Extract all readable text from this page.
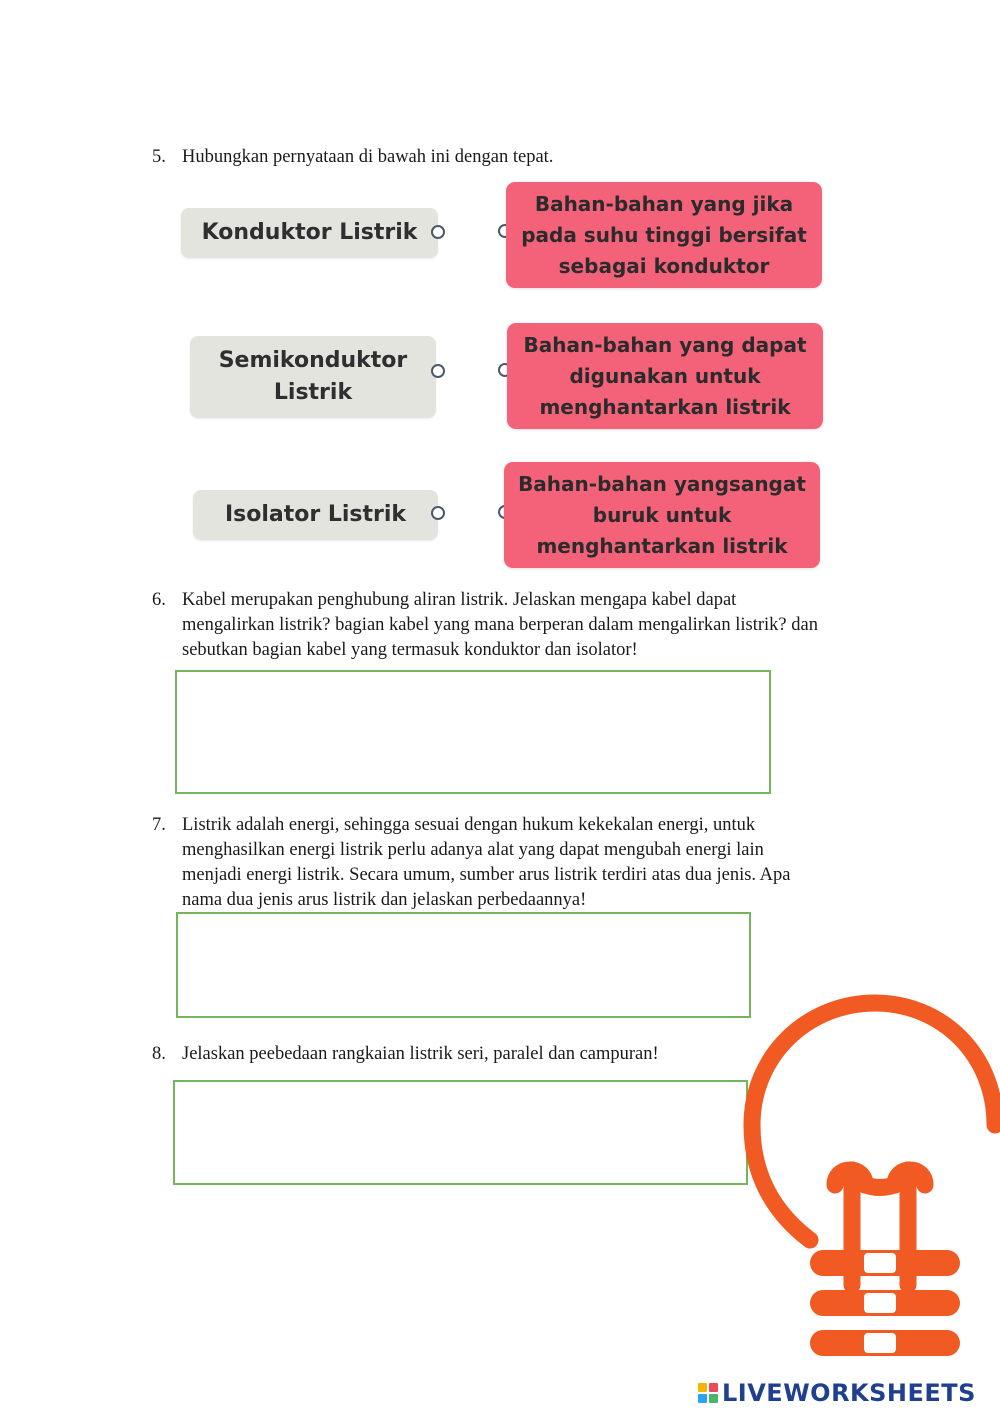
5. Hubungkan pernyataan di bawah ini dengan tepat.
Konduktor Listrik
Semikonduktor
Listrik
Isolator Listrik
Bahan-bahan yang jika
pada suhu tinggi bersifat
sebagai konduktor
Bahan-bahan yang dapat
digunakan untuk
menghantarkan listrik
Bahan-bahan yangsangat
buruk untuk
menghantarkan listrik
6. Kabel merupakan penghubung aliran listrik. Jelaskan mengapa kabel dapat
mengalirkan listrik? bagian kabel yang mana berperan dalam mengalirkan listrik? dan
sebutkan bagian kabel yang termasuk konduktor dan isolator!
7. Listrik adalah energi, sehingga sesuai dengan hukum kekekalan energi, untuk
menghasilkan energi listrik perlu adanya alat yang dapat mengubah energi lain
menjadi energi listrik. Secara umum, sumber arus listrik terdiri atas dua jenis. Apa
nama dua jenis arus listrik dan jelaskan perbedaannya!
8. Jelaskan peebedaan rangkaian listrik seri, paralel dan campuran!
LIVEWORKSHEETS
